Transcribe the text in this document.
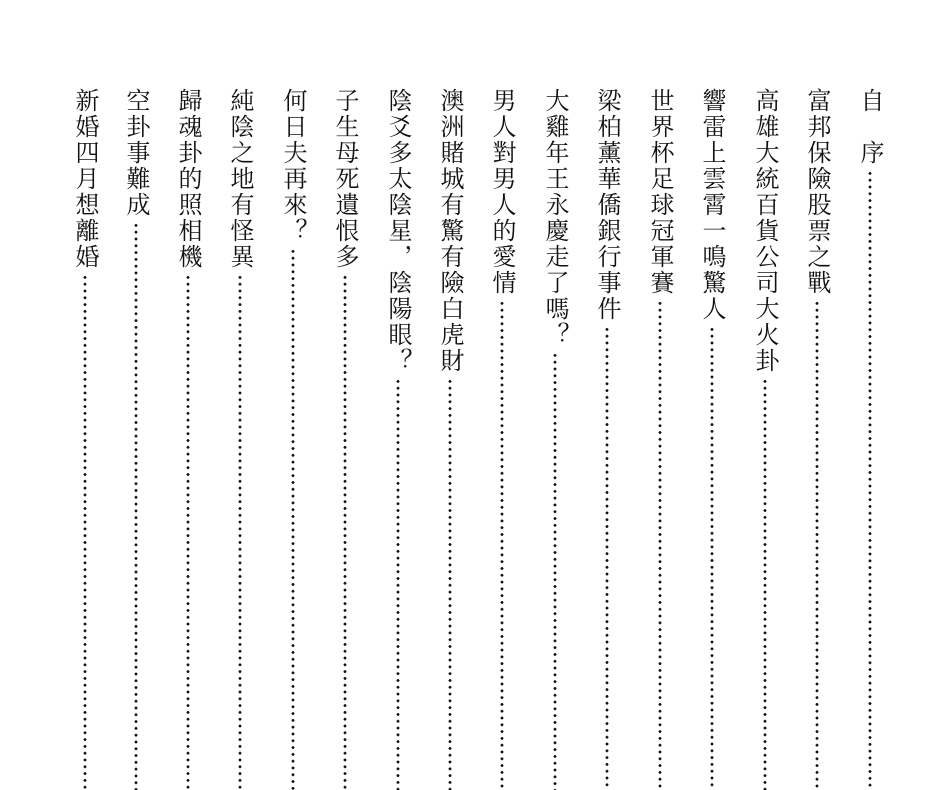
自　序
富邦保險股票之戰
高雄大統百貨公司大火卦
響雷上雲霄一鳴驚人
世界杯足球冠軍賽
梁柏薰華僑銀行事件
大雞年王永慶走了嗎？
男人對男人的愛情
澳洲賭城有驚有險白虎財
陰爻多太陰星，陰陽眼？
子生母死遺恨多
何日夫再來？
純陰之地有怪異
歸魂卦的照相機
空卦事難成
新婚四月想離婚
